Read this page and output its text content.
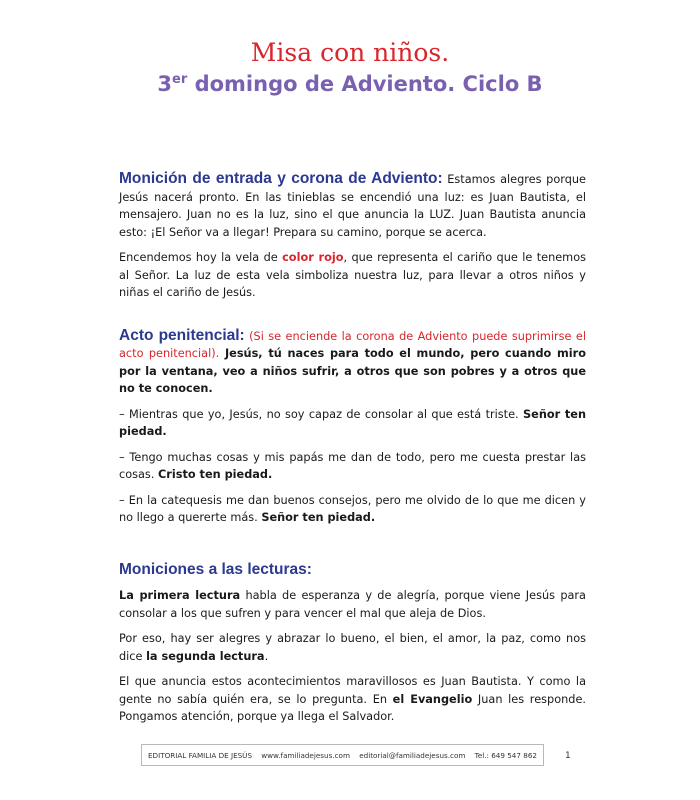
Misa con niños.
3er domingo de Adviento. Ciclo B

Monición de entrada y corona de Adviento: Estamos alegres porque Jesús nacerá pronto. En las tinieblas se encendió una luz: es Juan Bautista, el mensajero. Juan no es la luz, sino el que anuncia la LUZ. Juan Bautista anuncia esto: ¡El Señor va a llegar! Prepara su camino, porque se acerca.

Encendemos hoy la vela de color rojo, que representa el cariño que le tenemos al Señor. La luz de esta vela simboliza nuestra luz, para llevar a otros niños y niñas el cariño de Jesús.

Acto penitencial: (Si se enciende la corona de Adviento puede suprimirse el acto penitencial). Jesús, tú naces para todo el mundo, pero cuando miro por la ventana, veo a niños sufrir, a otros que son pobres y a otros que no te conocen.

– Mientras que yo, Jesús, no soy capaz de consolar al que está triste. Señor ten piedad.

– Tengo muchas cosas y mis papás me dan de todo, pero me cuesta prestar las cosas. Cristo ten piedad.

– En la catequesis me dan buenos consejos, pero me olvido de lo que me dicen y no llego a quererte más. Señor ten piedad.

Moniciones a las lecturas:

La primera lectura habla de esperanza y de alegría, porque viene Jesús para consolar a los que sufren y para vencer el mal que aleja de Dios.

Por eso, hay ser alegres y abrazar lo bueno, el bien, el amor, la paz, como nos dice la segunda lectura.

El que anuncia estos acontecimientos maravillosos es Juan Bautista. Y como la gente no sabía quién era, se lo pregunta. En el Evangelio Juan les responde. Pongamos atención, porque ya llega el Salvador.

EDITORIAL FAMILIA DE JESÚS www.familiadejesus.com editorial@familiadejesus.com Tel.: 649 547 862	1
